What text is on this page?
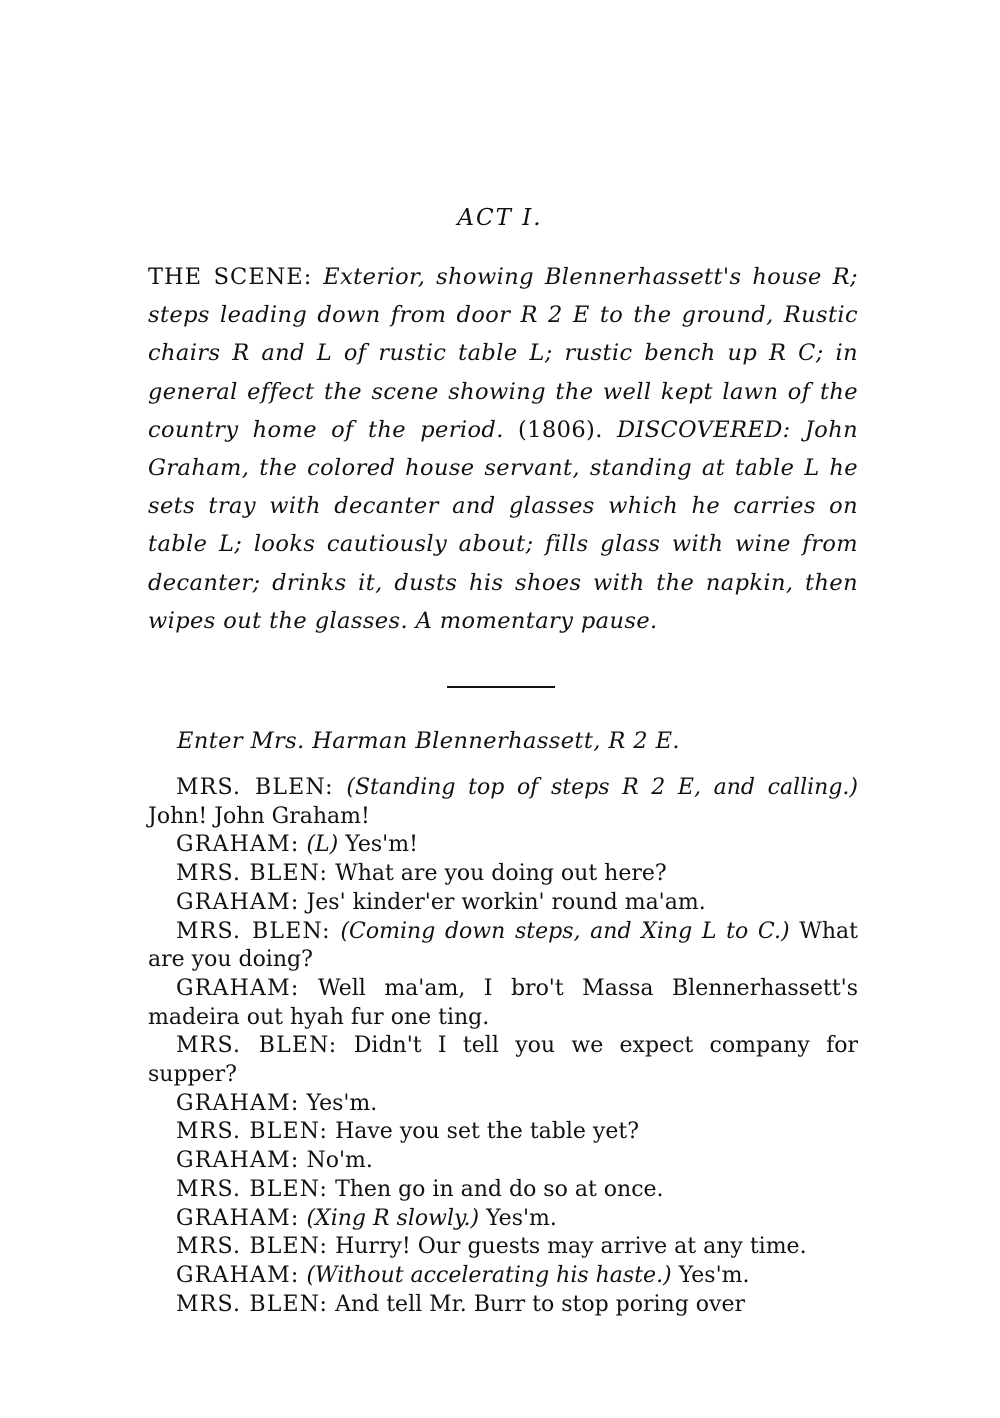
ACT I.
THE SCENE: Exterior, showing Blennerhassett's house R; steps leading down from door R 2 E to the ground, Rustic chairs R and L of rustic table L; rustic bench up R C; in general effect the scene showing the well kept lawn of the country home of the period. (1806). DISCOVERED: John Graham, the colored house servant, standing at table L he sets tray with decanter and glasses which he carries on table L; looks cautiously about; fills glass with wine from decanter; drinks it, dusts his shoes with the napkin, then wipes out the glasses. A momentary pause.
Enter Mrs. Harman Blennerhassett, R 2 E.

MRS. BLEN: (Standing top of steps R 2 E, and calling.) John! John Graham!

GRAHAM: (L) Yes'm!

MRS. BLEN: What are you doing out here?

GRAHAM: Jes' kinder'er workin' round ma'am.

MRS. BLEN: (Coming down steps, and Xing L to C.) What are you doing?

GRAHAM: Well ma'am, I bro't Massa Blennerhassett's madeira out hyah fur one ting.

MRS. BLEN: Didn't I tell you we expect company for supper?

GRAHAM: Yes'm.

MRS. BLEN: Have you set the table yet?

GRAHAM: No'm.

MRS. BLEN: Then go in and do so at once.

GRAHAM: (Xing R slowly.) Yes'm.

MRS. BLEN: Hurry! Our guests may arrive at any time.

GRAHAM: (Without accelerating his haste.) Yes'm.

MRS. BLEN: And tell Mr. Burr to stop poring over
